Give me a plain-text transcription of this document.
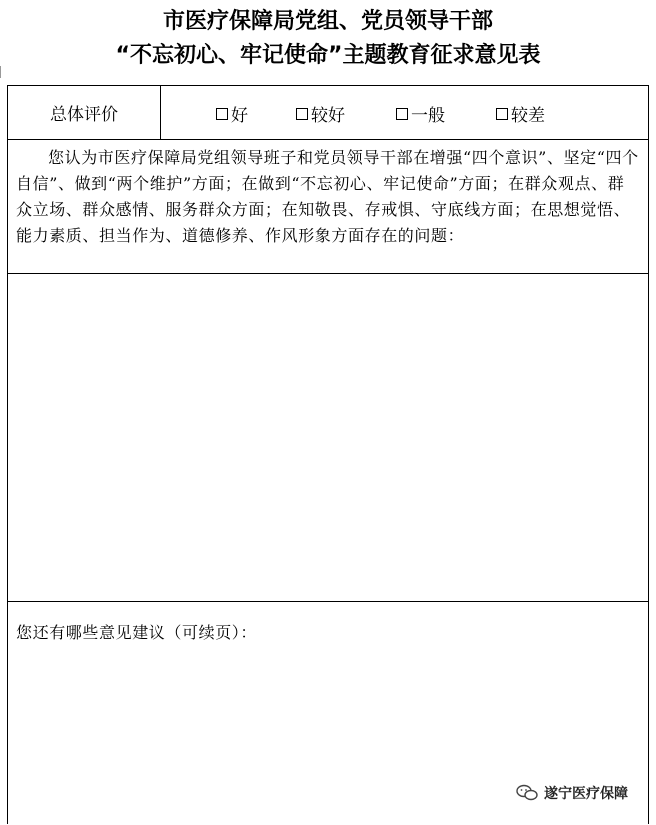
市医疗保障局党组、党员领导干部
“不忘初心、牢记使命”主题教育征求意见表
总体评价	好	较好	一般	较差
您认为市医疗保障局党组领导班子和党员领导干部在增强“四个意识”、坚定“四个自信”、做到“两个维护”方面；在做到“不忘初心、牢记使命”方面；在群众观点、群众立场、群众感情、服务群众方面；在知敬畏、存戒惧、守底线方面；在思想觉悟、能力素质、担当作为、道德修养、作风形象方面存在的问题：
您还有哪些意见建议（可续页）：
遂宁医疗保障
